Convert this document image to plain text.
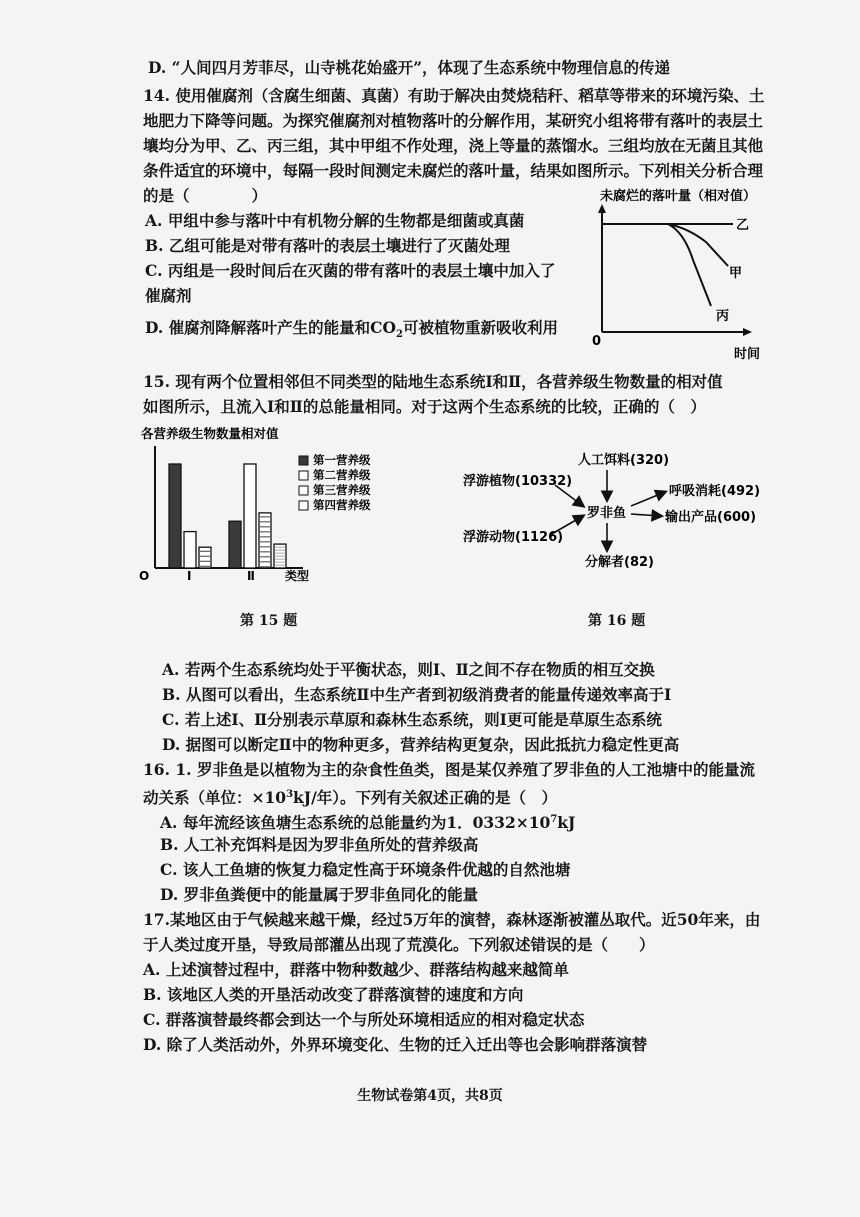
D. “人间四月芳菲尽，山寺桃花始盛开”，体现了生态系统中物理信息的传递
14. 使用催腐剂（含腐生细菌、真菌）有助于解决由焚烧秸秆、稻草等带来的环境污染、土
地肥力下降等问题。为探究催腐剂对植物落叶的分解作用，某研究小组将带有落叶的表层土
壤均分为甲、乙、丙三组，其中甲组不作处理，浇上等量的蒸馏水。三组均放在无菌且其他
条件适宜的环境中，每隔一段时间测定未腐烂的落叶量，结果如图所示。下列相关分析合理
的是（　　　　）
A. 甲组中参与落叶中有机物分解的生物都是细菌或真菌
B. 乙组可能是对带有落叶的表层土壤进行了灭菌处理
C. 丙组是一段时间后在灭菌的带有落叶的表层土壤中加入了
催腐剂
D. 催腐剂降解落叶产生的能量和$CO_2$可被植物重新吸收利用
未腐烂的落叶量（相对值）
0
时间
乙
甲
丙
15. 现有两个位置相邻但不同类型的陆地生态系统Ⅰ和Ⅱ，各营养级生物数量的相对值
如图所示，且流入Ⅰ和Ⅱ的总能量相同。对于这两个生态系统的比较，正确的（　）
各营养级生物数量相对值
O	类型
Ⅰ	Ⅱ
第一营养级
第二营养级
第三营养级
第四营养级
第 15 题
人工饵料(320)
浮游植物(10332)
浮游动物(1126)
罗非鱼
呼吸消耗(492)
输出产品(600)
分解者(82)
第 16 题
A. 若两个生态系统均处于平衡状态，则Ⅰ、Ⅱ之间不存在物质的相互交换
B. 从图可以看出，生态系统Ⅱ中生产者到初级消费者的能量传递效率高于Ⅰ
C. 若上述Ⅰ、Ⅱ分别表示草原和森林生态系统，则Ⅰ更可能是草原生态系统
D. 据图可以断定Ⅱ中的物种更多，营养结构更复杂，因此抵抗力稳定性更高
16. 1. 罗非鱼是以植物为主的杂食性鱼类，图是某仅养殖了罗非鱼的人工池塘中的能量流
动关系（单位：$\times 10^3kJ/$年）。下列有关叙述正确的是（　）
A. 每年流经该鱼塘生态系统的总能量约为1．$0332\times 10^7kJ$
B. 人工补充饵料是因为罗非鱼所处的营养级高
C. 该人工鱼塘的恢复力稳定性高于环境条件优越的自然池塘
D. 罗非鱼粪便中的能量属于罗非鱼同化的能量
17.某地区由于气候越来越干燥，经过5万年的演替，森林逐渐被灌丛取代。近50年来，由
于人类过度开垦，导致局部灌丛出现了荒漠化。下列叙述错误的是（　　）
A. 上述演替过程中，群落中物种数越少、群落结构越来越简单
B. 该地区人类的开垦活动改变了群落演替的速度和方向
C. 群落演替最终都会到达一个与所处环境相适应的相对稳定状态
D. 除了人类活动外，外界环境变化、生物的迁入迁出等也会影响群落演替
生物试卷第4页，共8页
